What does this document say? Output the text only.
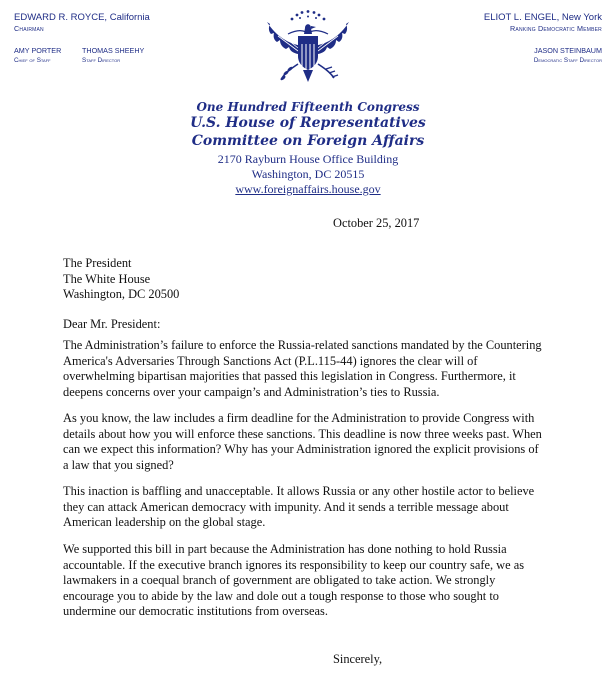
EDWARD R. ROYCE, California
Chairman
AMY PORTER
Chief of Staff
THOMAS SHEEHY
Staff Director
ELIOT L. ENGEL, New York
Ranking Democratic Member
JASON STEINBAUM
Democratic Staff Director
One Hundred Fifteenth Congress
U.S. House of Representatives
Committee on Foreign Affairs
2170 Rayburn House Office Building
Washington, DC 20515
www.foreignaffairs.house.gov
October 25, 2017
The President
The White House
Washington, DC 20500
Dear Mr. President:
The Administration’s failure to enforce the Russia-related sanctions mandated by the Countering
America's Adversaries Through Sanctions Act (P.L.115-44) ignores the clear will of
overwhelming bipartisan majorities that passed this legislation in Congress. Furthermore, it
deepens concerns over your campaign’s and Administration’s ties to Russia.
As you know, the law includes a firm deadline for the Administration to provide Congress with
details about how you will enforce these sanctions. This deadline is now three weeks past. When
can we expect this information? Why has your Administration ignored the explicit provisions of
a law that you signed?
This inaction is baffling and unacceptable. It allows Russia or any other hostile actor to believe
they can attack American democracy with impunity. And it sends a terrible message about
American leadership on the global stage.
We supported this bill in part because the Administration has done nothing to hold Russia
accountable. If the executive branch ignores its responsibility to keep our country safe, we as
lawmakers in a coequal branch of government are obligated to take action. We strongly
encourage you to abide by the law and dole out a tough response to those who sought to
undermine our democratic institutions from overseas.
Sincerely,
